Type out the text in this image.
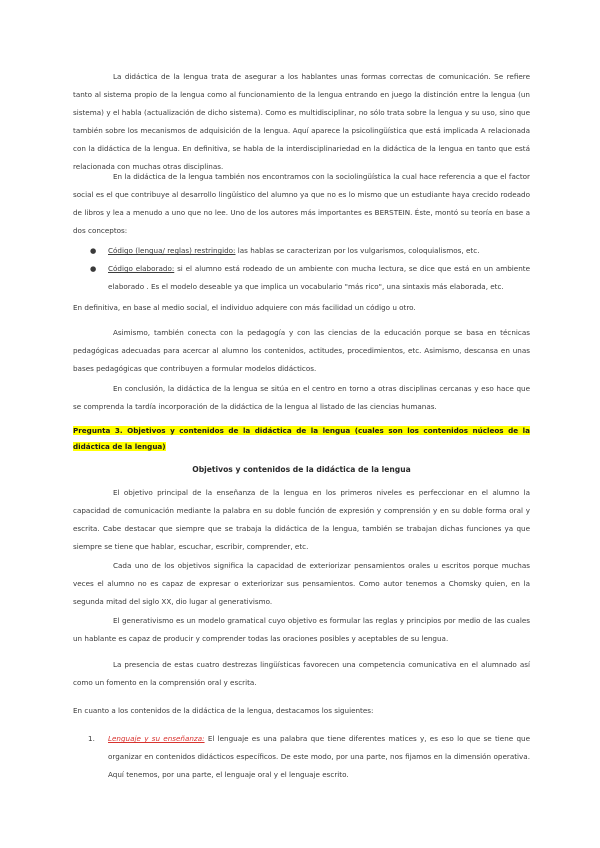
La didáctica de la lengua trata de asegurar a los hablantes unas formas correctas de comunicación. Se refiere tanto al sistema propio de la lengua como al funcionamiento de la lengua entrando en juego la distinción entre la lengua (un sistema) y el habla (actualización de dicho sistema). Como es multidisciplinar, no sólo trata sobre la lengua y su uso, sino que también sobre los mecanismos de adquisición de la lengua. Aquí aparece la psicolingüística que está implicada A relacionada con la didáctica de la lengua. En definitiva, se habla de la interdisciplinariedad en la didáctica de la lengua en tanto que está relacionada con muchas otras disciplinas.

En la didáctica de la lengua también nos encontramos con la sociolingüística la cual hace referencia a que el factor social es el que contribuye al desarrollo lingüístico del alumno ya que no es lo mismo que un estudiante haya crecido rodeado de libros y lea a menudo a uno que no lee. Uno de los autores más importantes es BERSTEIN. Éste, montó su teoría en base a dos conceptos:

● Código (lengua/ reglas) restringido: las hablas se caracterizan por los vulgarismos, coloquialismos, etc.
● Código elaborado: si el alumno está rodeado de un ambiente con mucha lectura, se dice que está en un ambiente elaborado . Es el modelo deseable ya que implica un vocabulario "más rico", una sintaxis más elaborada, etc.

En definitiva, en base al medio social, el individuo adquiere con más facilidad un código u otro.

Asimismo, también conecta con la pedagogía y con las ciencias de la educación porque se basa en técnicas pedagógicas adecuadas para acercar al alumno los contenidos, actitudes, procedimientos, etc. Asimismo, descansa en unas bases pedagógicas que contribuyen a formular modelos didácticos.

En conclusión, la didáctica de la lengua se sitúa en el centro en torno a otras disciplinas cercanas y eso hace que se comprenda la tardía incorporación de la didáctica de la lengua al listado de las ciencias humanas.

Pregunta 3. Objetivos y contenidos de la didáctica de la lengua (cuales son los contenidos núcleos de la didáctica de la lengua)

Objetivos y contenidos de la didáctica de la lengua

El objetivo principal de la enseñanza de la lengua en los primeros niveles es perfeccionar en el alumno la capacidad de comunicación mediante la palabra en su doble función de expresión y comprensión y en su doble forma oral y escrita. Cabe destacar que siempre que se trabaja la didáctica de la lengua, también se trabajan dichas funciones ya que siempre se tiene que hablar, escuchar, escribir, comprender, etc.

Cada uno de los objetivos significa la capacidad de exteriorizar pensamientos orales u escritos porque muchas veces el alumno no es capaz de expresar o exteriorizar sus pensamientos. Como autor tenemos a Chomsky quien, en la segunda mitad del siglo XX, dio lugar al generativismo.

El generativismo es un modelo gramatical cuyo objetivo es formular las reglas y principios por medio de las cuales un hablante es capaz de producir y comprender todas las oraciones posibles y aceptables de su lengua.

La presencia de estas cuatro destrezas lingüísticas favorecen una competencia comunicativa en el alumnado así como un fomento en la comprensión oral y escrita.

En cuanto a los contenidos de la didáctica de la lengua, destacamos los siguientes:

1. Lenguaje y su enseñanza: El lenguaje es una palabra que tiene diferentes matices y, es eso lo que se tiene que organizar en contenidos didácticos específicos. De este modo, por una parte, nos fijamos en la dimensión operativa. Aquí tenemos, por una parte, el lenguaje oral y el lenguaje escrito.
